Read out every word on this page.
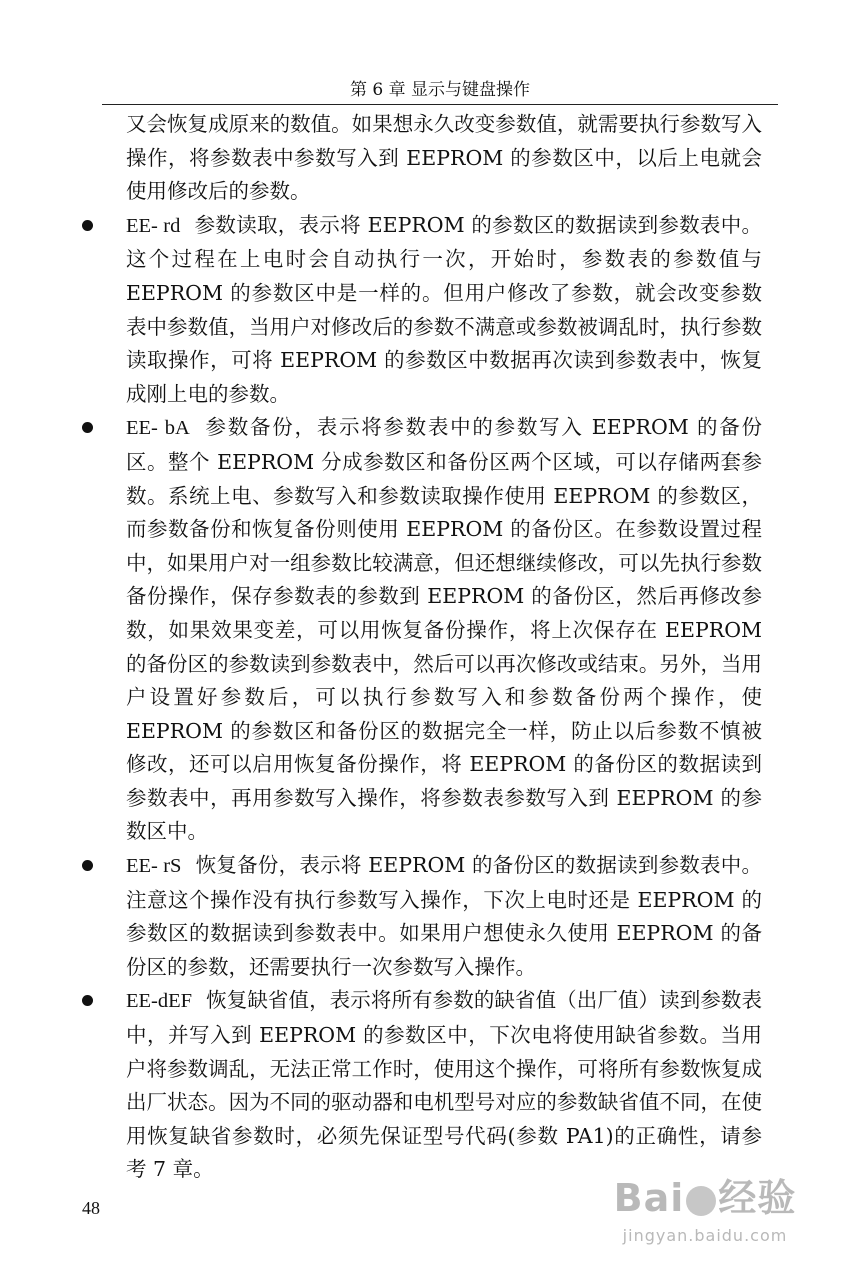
第 6 章 显示与键盘操作
又会恢复成原来的数值。如果想永久改变参数值，就需要执行参数写入操作，将参数表中参数写入到 EEPROM 的参数区中，以后上电就会使用修改后的参数。
EE- rd 参数读取，表示将 EEPROM 的参数区的数据读到参数表中。这个过程在上电时会自动执行一次，开始时，参数表的参数值与 EEPROM 的参数区中是一样的。但用户修改了参数，就会改变参数表中参数值，当用户对修改后的参数不满意或参数被调乱时，执行参数读取操作，可将 EEPROM 的参数区中数据再次读到参数表中，恢复成刚上电的参数。
EE- bA 参数备份，表示将参数表中的参数写入 EEPROM 的备份区。整个 EEPROM 分成参数区和备份区两个区域，可以存储两套参数。系统上电、参数写入和参数读取操作使用 EEPROM 的参数区，而参数备份和恢复备份则使用 EEPROM 的备份区。在参数设置过程中，如果用户对一组参数比较满意，但还想继续修改，可以先执行参数备份操作，保存参数表的参数到 EEPROM 的备份区，然后再修改参数，如果效果变差，可以用恢复备份操作，将上次保存在 EEPROM 的备份区的参数读到参数表中，然后可以再次修改或结束。另外，当用户设置好参数后，可以执行参数写入和参数备份两个操作，使 EEPROM 的参数区和备份区的数据完全一样，防止以后参数不慎被修改，还可以启用恢复备份操作，将 EEPROM 的备份区的数据读到参数表中，再用参数写入操作，将参数表参数写入到 EEPROM 的参数区中。
EE- rS 恢复备份，表示将 EEPROM 的备份区的数据读到参数表中。注意这个操作没有执行参数写入操作，下次上电时还是 EEPROM 的参数区的数据读到参数表中。如果用户想使永久使用 EEPROM 的备份区的参数，还需要执行一次参数写入操作。
EE-dEF 恢复缺省值，表示将所有参数的缺省值（出厂值）读到参数表中，并写入到 EEPROM 的参数区中，下次电将使用缺省参数。当用户将参数调乱，无法正常工作时，使用这个操作，可将所有参数恢复成出厂状态。因为不同的驱动器和电机型号对应的参数缺省值不同，在使用恢复缺省参数时，必须先保证型号代码(参数 PA1)的正确性，请参考 7 章。
48	Bai 经验
jingyan.baidu.com
